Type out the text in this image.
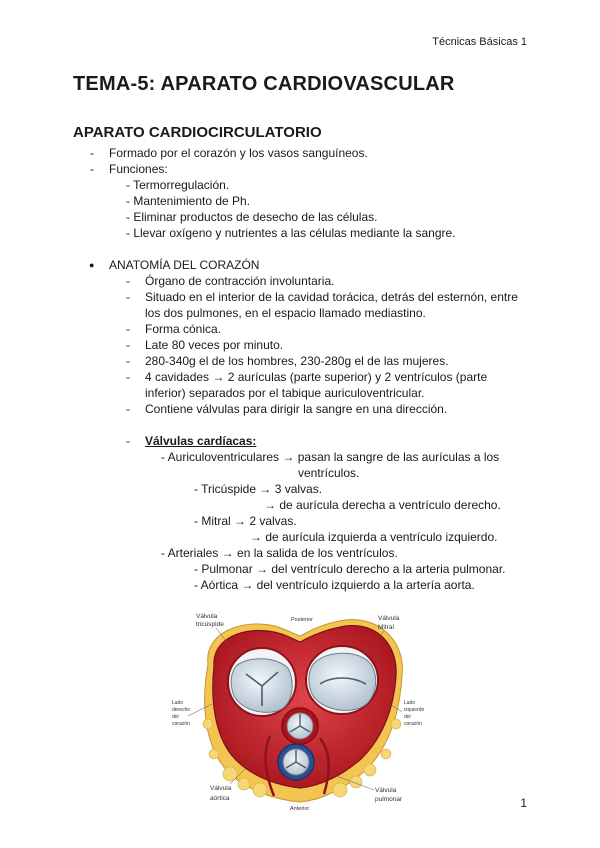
Técnicas Básicas 1
TEMA-5: APARATO CARDIOVASCULAR
APARATO CARDIOCIRCULATORIO
- Formado por el corazón y los vasos sanguíneos.
- Funciones:
- Termorregulación.
- Mantenimiento de Ph.
- Eliminar productos de desecho de las células.
- Llevar oxígeno y nutrientes a las células mediante la sangre.
● ANATOMÍA DEL CORAZÓN
- Órgano de contracción involuntaria.
- Situado en el interior de la cavidad torácica, detrás del esternón, entre
los dos pulmones, en el espacio llamado mediastino.
- Forma cónica.
- Late 80 veces por minuto.
- 280-340g el de los hombres, 230-280g el de las mujeres.
- 4 cavidades → 2 aurículas (parte superior) y 2 ventrículos (parte
inferior) separados por el tabique auriculoventricular.
- Contiene válvulas para dirigir la sangre en una dirección.
- Válvulas cardíacas:
- Auriculoventriculares → pasan la sangre de las aurículas a los
ventrículos.
- Tricúspide → 3 valvas.
→ de aurícula derecha a ventrículo derecho.
- Mitral → 2 valvas.
→ de aurícula izquierda a ventrículo izquierdo.
- Arteriales → en la salida de los ventrículos.
- Pulmonar → del ventrículo derecho a la arteria pulmonar.
- Aórtica → del ventrículo izquierdo a la artería aorta.
Válvula
tricúspide
Posterior	Válvula
Mitral
Lado
derecho
del
corazón
Lado
izquierdo
del
corazón
Válvula
aórtica
Válvula
pulmonar
Anterior	1
